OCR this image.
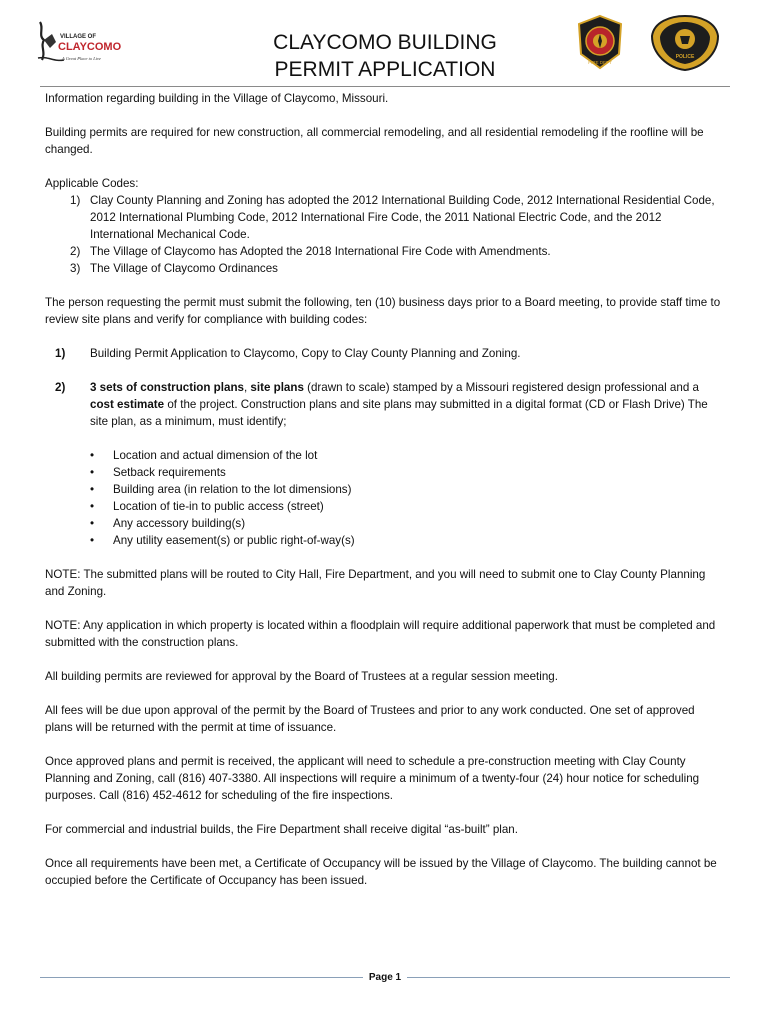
VILLAGE OF
CLAYCOMO
A Great Place to Live
CLAYCOMO BUILDING
PERMIT APPLICATION	FIRE DEPT
POLICE

Information regarding building in the Village of Claycomo, Missouri.

Building permits are required for new construction, all commercial remodeling, and all residential remodeling if the roofline will be changed.

Applicable Codes:
1) Clay County Planning and Zoning has adopted the 2012 International Building Code, 2012 International Residential Code, 2012 International Plumbing Code, 2012 International Fire Code, the 2011 National Electric Code, and the 2012 International Mechanical Code.
2) The Village of Claycomo has Adopted the 2018 International Fire Code with Amendments.
3) The Village of Claycomo Ordinances

The person requesting the permit must submit the following, ten (10) business days prior to a Board meeting, to provide staff time to review site plans and verify for compliance with building codes:

1)	Building Permit Application to Claycomo, Copy to Clay County Planning and Zoning.
2)	3 sets of construction plans, site plans (drawn to scale) stamped by a Missouri registered design professional and a cost estimate of the project. Construction plans and site plans may submitted in a digital format (CD or Flash Drive) The site plan, as a minimum, must identify;
•	Location and actual dimension of the lot
•	Setback requirements
•	Building area (in relation to the lot dimensions)
•	Location of tie-in to public access (street)
•	Any accessory building(s)
•	Any utility easement(s) or public right-of-way(s)

NOTE: The submitted plans will be routed to City Hall, Fire Department, and you will need to submit one to Clay County Planning and Zoning.

NOTE: Any application in which property is located within a floodplain will require additional paperwork that must be completed and submitted with the construction plans.

All building permits are reviewed for approval by the Board of Trustees at a regular session meeting.

All fees will be due upon approval of the permit by the Board of Trustees and prior to any work conducted. One set of approved plans will be returned with the permit at time of issuance.

Once approved plans and permit is received, the applicant will need to schedule a pre-construction meeting with Clay County Planning and Zoning, call (816) 407-3380. All inspections will require a minimum of a twenty-four (24) hour notice for scheduling purposes. Call (816) 452-4612 for scheduling of the fire inspections.

For commercial and industrial builds, the Fire Department shall receive digital “as-built” plan.

Once all requirements have been met, a Certificate of Occupancy will be issued by the Village of Claycomo. The building cannot be occupied before the Certificate of Occupancy has been issued.

Page 1
